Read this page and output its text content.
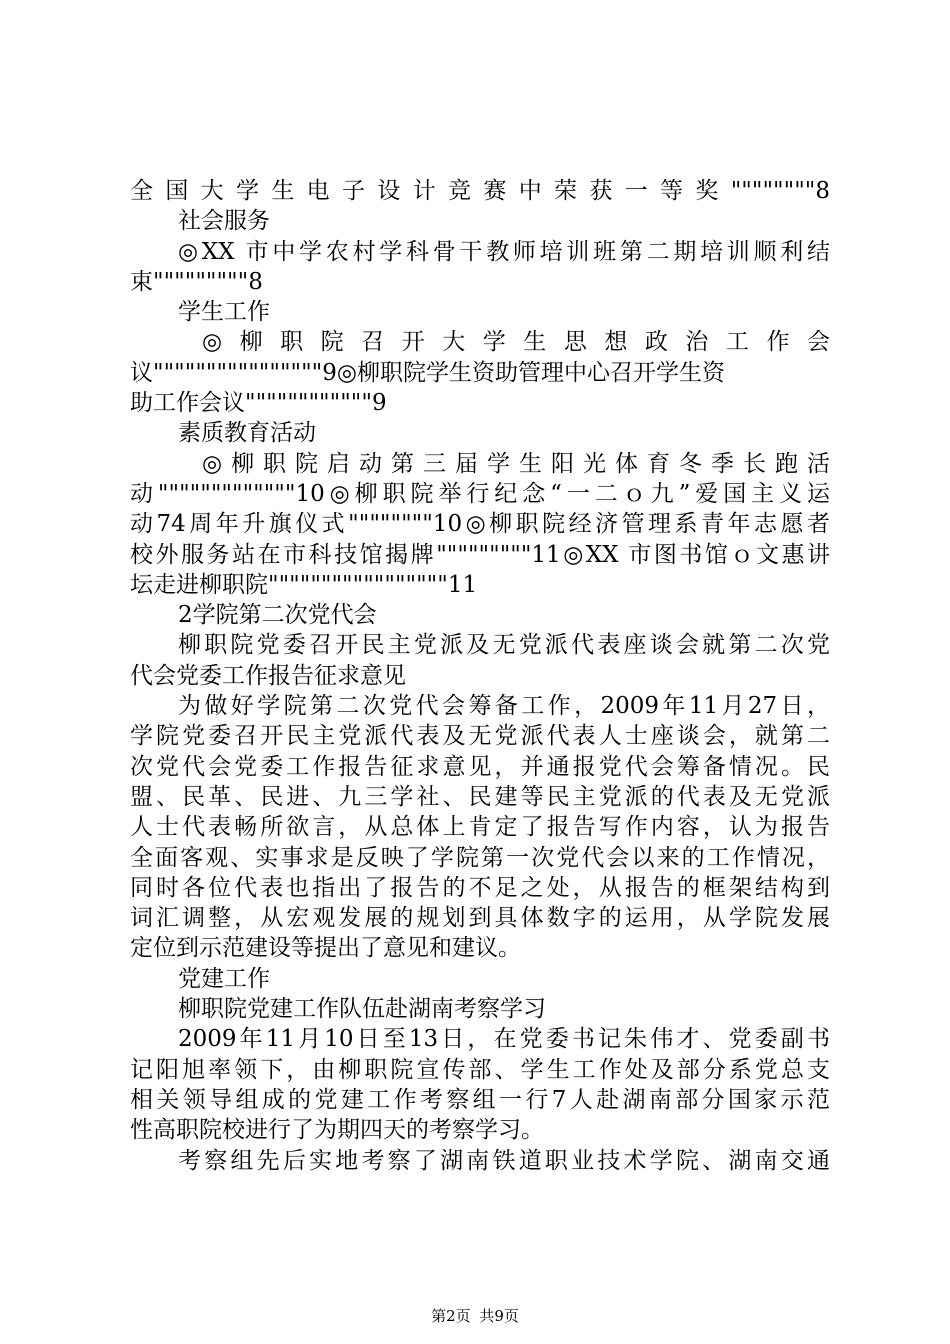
全国大学生电子设计竞赛中荣获一等奖""""""""8
社会服务
◎XX 市中学农村学科骨干教师培训班第二期培训顺利结
束"""""""""8
学生工作
◎ 柳 职 院 召 开 大 学 生 思 想 政 治 工 作 会
议""""""""""""""""9◎柳职院学生资助管理中心召开学生资
助工作会议""""""""""""9
素质教育活动
◎柳职院启动第三届学生阳光体育冬季长跑活
动"""""""""""""10◎柳职院举行纪念“一二ｏ九”爱国主义运
动74周年升旗仪式""""""""10◎柳职院经济管理系青年志愿者
校外服务站在市科技馆揭牌"""""""""11◎XX 市图书馆ｏ文惠讲
坛走进柳职院"""""""""""""""""11
2学院第二次党代会
柳职院党委召开民主党派及无党派代表座谈会就第二次党
代会党委工作报告征求意见
为做好学院第二次党代会筹备工作，2009年11月27日，
学院党委召开民主党派代表及无党派代表人士座谈会，就第二
次党代会党委工作报告征求意见，并通报党代会筹备情况。民
盟、民革、民进、九三学社、民建等民主党派的代表及无党派
人士代表畅所欲言，从总体上肯定了报告写作内容，认为报告
全面客观、实事求是反映了学院第一次党代会以来的工作情况，
同时各位代表也指出了报告的不足之处，从报告的框架结构到
词汇调整，从宏观发展的规划到具体数字的运用，从学院发展
定位到示范建设等提出了意见和建议。
党建工作
柳职院党建工作队伍赴湖南考察学习
2009年11月10日至13日，在党委书记朱伟才、党委副书
记阳旭率领下，由柳职院宣传部、学生工作处及部分系党总支
相关领导组成的党建工作考察组一行7人赴湖南部分国家示范
性高职院校进行了为期四天的考察学习。
考察组先后实地考察了湖南铁道职业技术学院、湖南交通
第2页 共9页
